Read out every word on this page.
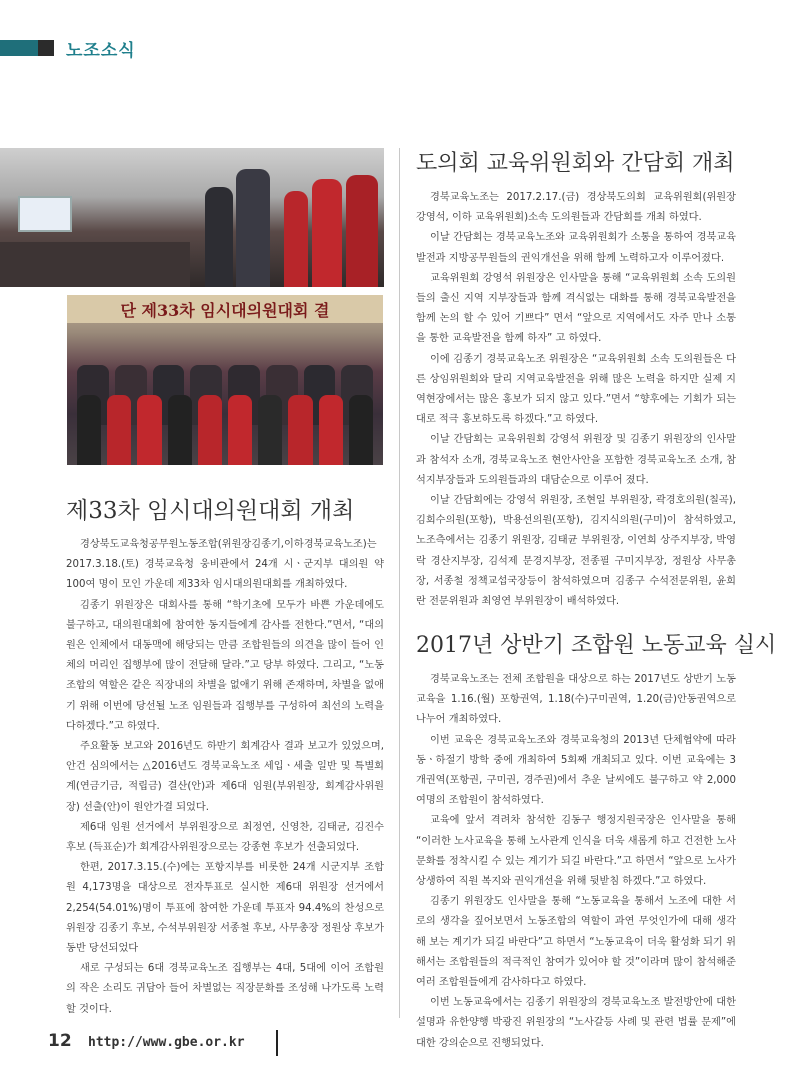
노조소식
단 제33차 임시대의원대회 결
제33차 임시대의원대회 개최

경상북도교육청공무원노동조합(위원장김종기,이하경북교육노조)는 2017.3.18.(토) 경북교육청 웅비관에서 24개 시ㆍ군지부 대의원 약 100여 명이 모인 가운데 제33차 임시대의원대회를 개최하였다.

김종기 위원장은 대회사를 통해 “학기초에 모두가 바쁜 가운데에도 불구하고, 대의원대회에 참여한 동지들에게 감사를 전한다.”면서, “대의원은 인체에서 대동맥에 해당되는 만큼 조합원들의 의견을 많이 들어 인체의 머리인 집행부에 많이 전달해 달라.”고 당부 하였다. 그리고, “노동조합의 역할은 같은 직장내의 차별을 없애기 위해 존재하며, 차별을 없애기 위해 이번에 당선될 노조 임원들과 집행부를 구성하여 최선의 노력을 다하겠다.”고 하였다.

주요활동 보고와 2016년도 하반기 회계감사 결과 보고가 있었으며, 안건 심의에서는 △2016년도 경북교육노조 세입ㆍ세출 일반 및 특별회계(연금기금, 적립금) 결산(안)과 제6대 임원(부위원장, 회계감사위원장) 선출(안)이 원안가결 되었다.

제6대 임원 선거에서 부위원장으로 최정연, 신영찬, 김태균, 김진수 후보 (득표순)가 회계감사위원장으로는 강종현 후보가 선출되었다.

한편, 2017.3.15.(수)에는 포항지부를 비롯한 24개 시군지부 조합원 4,173명을 대상으로 전자투표로 실시한 제6대 위원장 선거에서 2,254(54.01%)명이 투표에 참여한 가운데 투표자 94.4%의 찬성으로 위원장 김종기 후보, 수석부위원장 서종철 후보, 사무총장 정원상 후보가 동반 당선되었다

새로 구성되는 6대 경북교육노조 집행부는 4대, 5대에 이어 조합원의 작은 소리도 귀담아 들어 차별없는 직장문화를 조성해 나가도록 노력할 것이다.

도의회 교육위원회와 간담회 개최

경북교육노조는 2017.2.17.(금) 경상북도의회 교육위원회(위원장 강영석, 이하 교육위원회)소속 도의원들과 간담회를 개최 하였다.

이날 간담회는 경북교육노조와 교육위원회가 소통을 통하여 경북교육발전과 지방공무원들의 권익개선을 위해 함께 노력하고자 이루어졌다.

교육위원회 강영석 위원장은 인사말을 통해 “교육위원회 소속 도의원들의 출신 지역 지부장들과 함께 격식없는 대화를 통해 경북교육발전을 함께 논의 할 수 있어 기쁘다” 면서 “앞으로 지역에서도 자주 만나 소통을 통한 교육발전을 함께 하자” 고 하였다.

이에 김종기 경북교육노조 위원장은 “교육위원회 소속 도의원들은 다른 상임위원회와 달리 지역교육발전을 위해 많은 노력을 하지만 실제 지역현장에서는 많은 홍보가 되지 않고 있다.”면서 “향후에는 기회가 되는대로 적극 홍보하도록 하겠다.”고 하였다.

이날 간담회는 교육위원회 강영석 위원장 및 김종기 위원장의 인사말과 참석자 소개, 경북교육노조 현안사안을 포함한 경북교육노조 소개, 참석지부장들과 도의원들과의 대담순으로 이루어 졌다.

이날 간담회에는 강영석 위원장, 조현일 부위원장, 곽경호의원(칠곡), 김희수의원(포항), 박용선의원(포항), 김지식의원(구미)이 참석하였고, 노조측에서는 김종기 위원장, 김태균 부위원장, 이연희 상주지부장, 박영락 경산지부장, 김석제 문경지부장, 전종필 구미지부장, 정원상 사무총장, 서종철 정책교섭국장등이 참석하였으며 김종구 수석전문위원, 윤희란 전문위원과 최영연 부위원장이 배석하였다.

2017년 상반기 조합원 노동교육 실시

경북교육노조는 전체 조합원을 대상으로 하는 2017년도 상반기 노동교육을 1.16.(월) 포항권역, 1.18(수)구미권역, 1.20(금)안동권역으로 나누어 개최하였다.

이번 교육은 경북교육노조와 경북교육청의 2013년 단체협약에 따라 동ㆍ하절기 방학 중에 개최하여 5회째 개최되고 있다. 이번 교육에는 3개권역(포항권, 구미권, 경주권)에서 추운 날씨에도 불구하고 약 2,000여명의 조합원이 참석하였다.

교육에 앞서 격려차 참석한 김동구 행정지원국장은 인사말을 통해 “이러한 노사교육을 통해 노사관계 인식을 더욱 새롭게 하고 건전한 노사문화를 정착시킬 수 있는 계기가 되길 바란다.”고 하면서 “앞으로 노사가 상생하여 직원 복지와 권익개선을 위해 뒷받침 하겠다.”고 하였다.

김종기 위원장도 인사말을 통해 “노동교육을 통해서 노조에 대한 서로의 생각을 짚어보면서 노동조합의 역할이 과연 무엇인가에 대해 생각해 보는 계기가 되길 바란다”고 하면서 “노동교육이 더욱 활성화 되기 위해서는 조합원들의 적극적인 참여가 있어야 할 것”이라며 많이 참석해준 여러 조합원들에게 감사하다고 하였다.

이번 노동교육에서는 김종기 위원장의 경북교육노조 발전방안에 대한 설명과 유한양행 박광진 위원장의 “노사갈등 사례 및 관련 법률 문제”에 대한 강의순으로 진행되었다.

12 http://www.gbe.or.kr
